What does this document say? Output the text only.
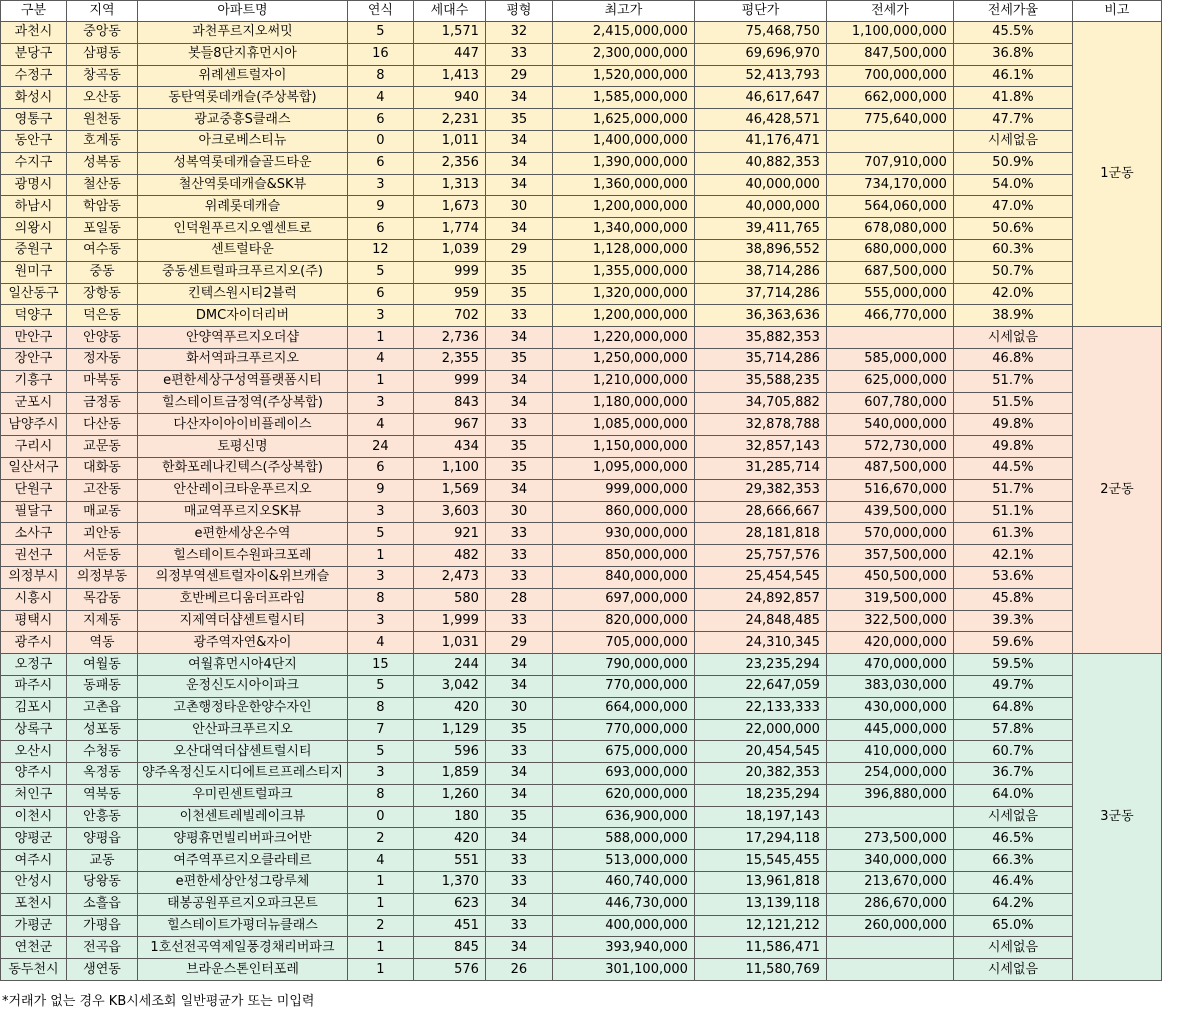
구분	지역	아파트명	연식	세대수	평형	최고가	평단가	전세가	전세가율	비고
과천시	중앙동	과천푸르지오써밋	5	1,571	32	2,415,000,000	75,468,750	1,100,000,000	45.5%	1군동
분당구	삼평동	봇들8단지휴먼시아	16	447	33	2,300,000,000	69,696,970	847,500,000	36.8%	
수정구	창곡동	위례센트럴자이	8	1,413	29	1,520,000,000	52,413,793	700,000,000	46.1%	
화성시	오산동	동탄역롯데캐슬(주상복합)	4	940	34	1,585,000,000	46,617,647	662,000,000	41.8%	
영통구	원천동	광교중흥S클래스	6	2,231	35	1,625,000,000	46,428,571	775,640,000	47.7%	
동안구	호계동	아크로베스티뉴	0	1,011	34	1,400,000,000	41,176,471		시세없음	
수지구	성복동	성복역롯데캐슬골드타운	6	2,356	34	1,390,000,000	40,882,353	707,910,000	50.9%	
광명시	철산동	철산역롯데캐슬&SK뷰	3	1,313	34	1,360,000,000	40,000,000	734,170,000	54.0%	
하남시	학암동	위례롯데캐슬	9	1,673	30	1,200,000,000	40,000,000	564,060,000	47.0%	
의왕시	포일동	인덕원푸르지오엘센트로	6	1,774	34	1,340,000,000	39,411,765	678,080,000	50.6%	
중원구	여수동	센트럴타운	12	1,039	29	1,128,000,000	38,896,552	680,000,000	60.3%	
원미구	중동	중동센트럴파크푸르지오(주)	5	999	35	1,355,000,000	38,714,286	687,500,000	50.7%	
일산동구	장항동	킨텍스원시티2블럭	6	959	35	1,320,000,000	37,714,286	555,000,000	42.0%	
덕양구	덕은동	DMC자이더리버	3	702	33	1,200,000,000	36,363,636	466,770,000	38.9%	
만안구	안양동	안양역푸르지오더샵	1	2,736	34	1,220,000,000	35,882,353		시세없음	2군동
장안구	정자동	화서역파크푸르지오	4	2,355	35	1,250,000,000	35,714,286	585,000,000	46.8%	
기흥구	마북동	e편한세상구성역플랫폼시티	1	999	34	1,210,000,000	35,588,235	625,000,000	51.7%	
군포시	금정동	힐스테이트금정역(주상복합)	3	843	34	1,180,000,000	34,705,882	607,780,000	51.5%	
남양주시	다산동	다산자이아이비플레이스	4	967	33	1,085,000,000	32,878,788	540,000,000	49.8%	
구리시	교문동	토평신명	24	434	35	1,150,000,000	32,857,143	572,730,000	49.8%	
일산서구	대화동	한화포레나킨텍스(주상복합)	6	1,100	35	1,095,000,000	31,285,714	487,500,000	44.5%	
단원구	고잔동	안산레이크타운푸르지오	9	1,569	34	999,000,000	29,382,353	516,670,000	51.7%	
필달구	매교동	매교역푸르지오SK뷰	3	3,603	30	860,000,000	28,666,667	439,500,000	51.1%	
소사구	괴안동	e편한세상온수역	5	921	33	930,000,000	28,181,818	570,000,000	61.3%	
권선구	서둔동	힐스테이트수원파크포레	1	482	33	850,000,000	25,757,576	357,500,000	42.1%	
의정부시	의정부동	의정부역센트럴자이&위브캐슬	3	2,473	33	840,000,000	25,454,545	450,500,000	53.6%	
시흥시	목감동	호반베르디움더프라임	8	580	28	697,000,000	24,892,857	319,500,000	45.8%	
평택시	지제동	지제역더샵센트럴시티	3	1,999	33	820,000,000	24,848,485	322,500,000	39.3%	
광주시	역동	광주역자연&자이	4	1,031	29	705,000,000	24,310,345	420,000,000	59.6%	
오정구	여월동	여월휴먼시아4단지	15	244	34	790,000,000	23,235,294	470,000,000	59.5%	3군동
파주시	동패동	운정신도시아이파크	5	3,042	34	770,000,000	22,647,059	383,030,000	49.7%	
김포시	고촌읍	고촌행정타운한양수자인	8	420	30	664,000,000	22,133,333	430,000,000	64.8%	
상록구	성포동	안산파크푸르지오	7	1,129	35	770,000,000	22,000,000	445,000,000	57.8%	
오산시	수청동	오산대역더샵센트럴시티	5	596	33	675,000,000	20,454,545	410,000,000	60.7%	
양주시	옥정동	양주옥정신도시디에트르프레스티지	3	1,859	34	693,000,000	20,382,353	254,000,000	36.7%	
처인구	역북동	우미린센트럴파크	8	1,260	34	620,000,000	18,235,294	396,880,000	64.0%	
이천시	안흥동	이천센트레빌레이크뷰	0	180	35	636,900,000	18,197,143		시세없음	
양평군	양평읍	양평휴먼빌리버파크어반	2	420	34	588,000,000	17,294,118	273,500,000	46.5%	
여주시	교동	여주역푸르지오클라테르	4	551	33	513,000,000	15,545,455	340,000,000	66.3%	
안성시	당왕동	e편한세상안성그랑루체	1	1,370	33	460,740,000	13,961,818	213,670,000	46.4%	
포천시	소흘읍	태봉공원푸르지오파크몬트	1	623	34	446,730,000	13,139,118	286,670,000	64.2%	
가평군	가평읍	힐스테이트가평더뉴클래스	2	451	33	400,000,000	12,121,212	260,000,000	65.0%	
연천군	전곡읍	1호선전곡역제일풍경채리버파크	1	845	34	393,940,000	11,586,471		시세없음	
동두천시	생연동	브라운스톤인터포레	1	576	26	301,100,000	11,580,769		시세없음	
*거래가 없는 경우 KB시세조회 일반평균가 또는 미입력
